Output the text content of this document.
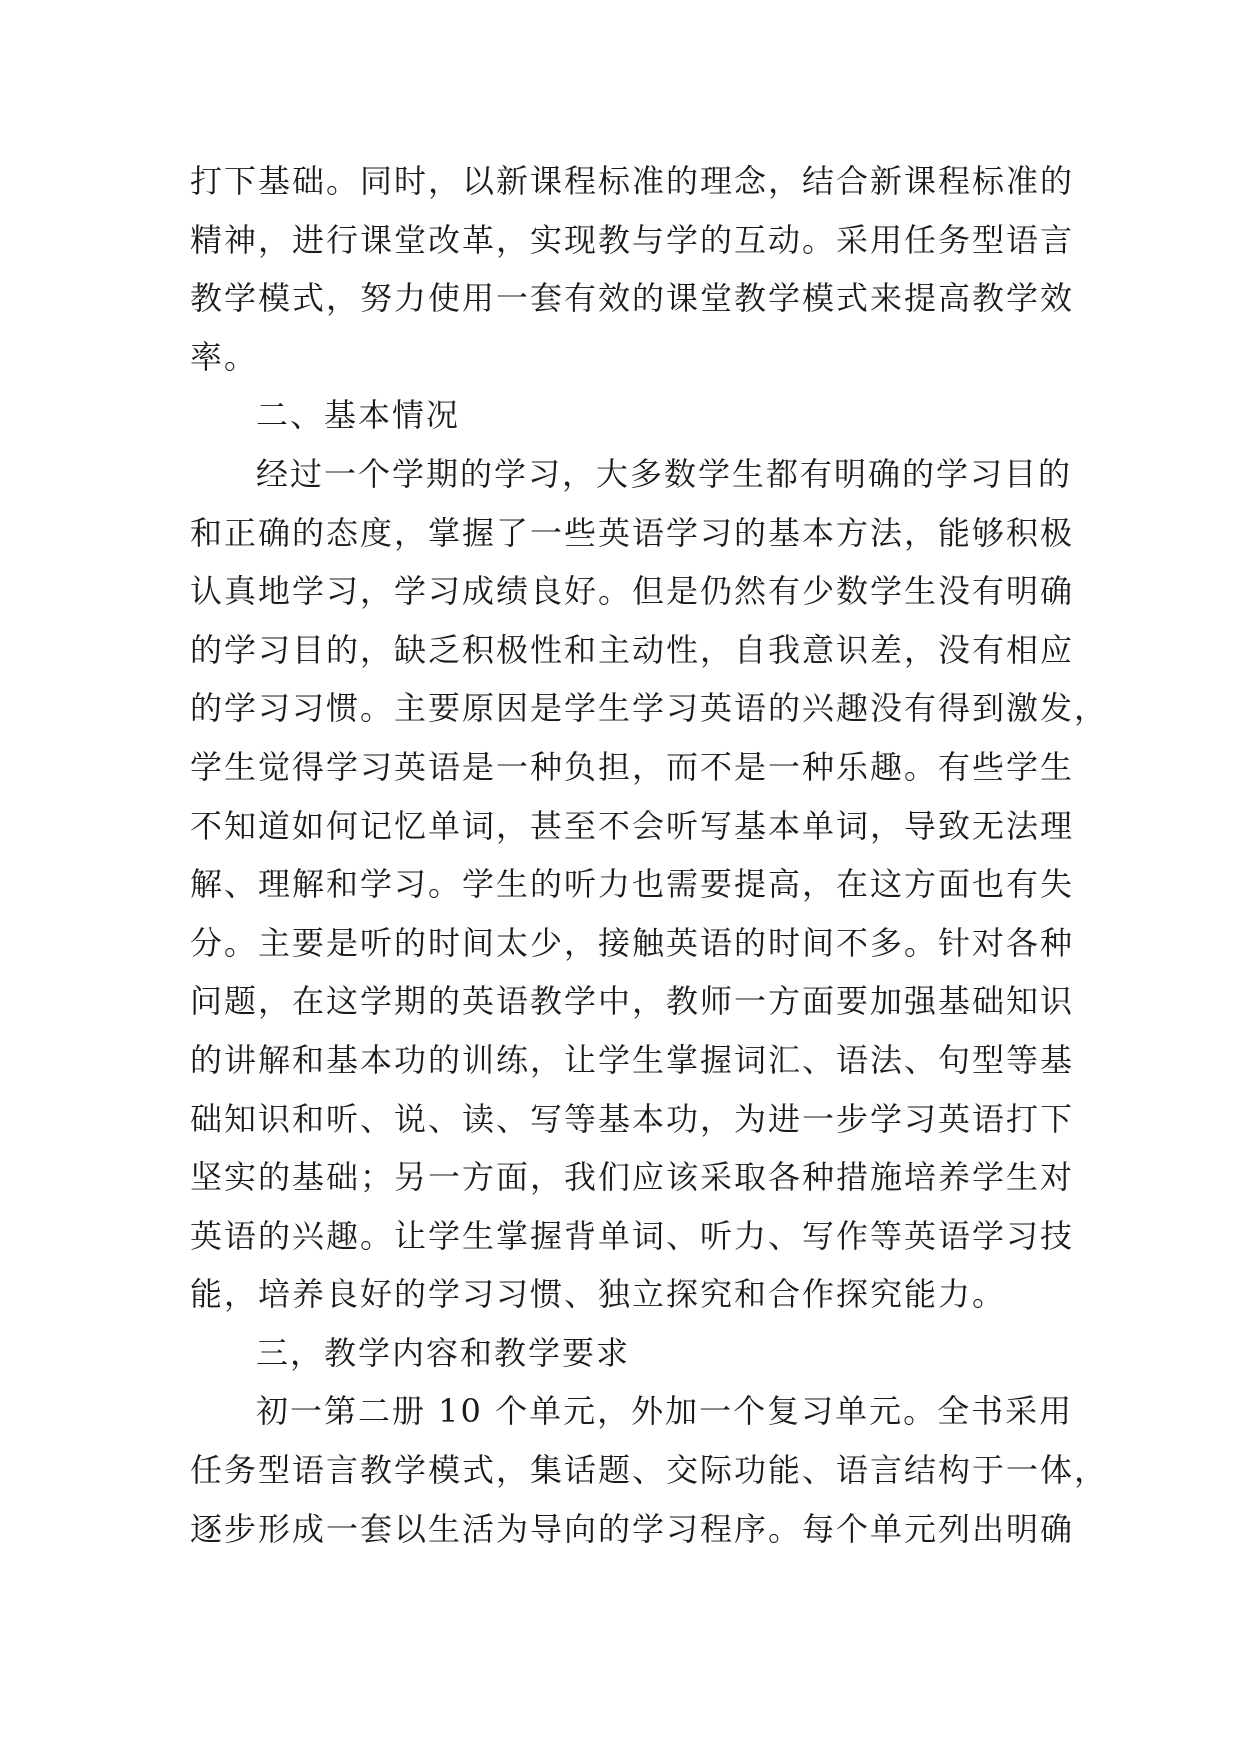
打下基础。同时，以新课程标准的理念，结合新课程标准的
精神，进行课堂改革，实现教与学的互动。采用任务型语言
教学模式，努力使用一套有效的课堂教学模式来提高教学效
率。
二、基本情况
经过一个学期的学习，大多数学生都有明确的学习目的
和正确的态度，掌握了一些英语学习的基本方法，能够积极
认真地学习，学习成绩良好。但是仍然有少数学生没有明确
的学习目的，缺乏积极性和主动性，自我意识差，没有相应
的学习习惯。主要原因是学生学习英语的兴趣没有得到激发，
学生觉得学习英语是一种负担，而不是一种乐趣。有些学生
不知道如何记忆单词，甚至不会听写基本单词，导致无法理
解、理解和学习。学生的听力也需要提高，在这方面也有失
分。主要是听的时间太少，接触英语的时间不多。针对各种
问题，在这学期的英语教学中，教师一方面要加强基础知识
的讲解和基本功的训练，让学生掌握词汇、语法、句型等基
础知识和听、说、读、写等基本功，为进一步学习英语打下
坚实的基础；另一方面，我们应该采取各种措施培养学生对
英语的兴趣。让学生掌握背单词、听力、写作等英语学习技
能，培养良好的学习习惯、独立探究和合作探究能力。
三，教学内容和教学要求
初一第二册 10 个单元，外加一个复习单元。全书采用
任务型语言教学模式，集话题、交际功能、语言结构于一体，
逐步形成一套以生活为导向的学习程序。每个单元列出明确
